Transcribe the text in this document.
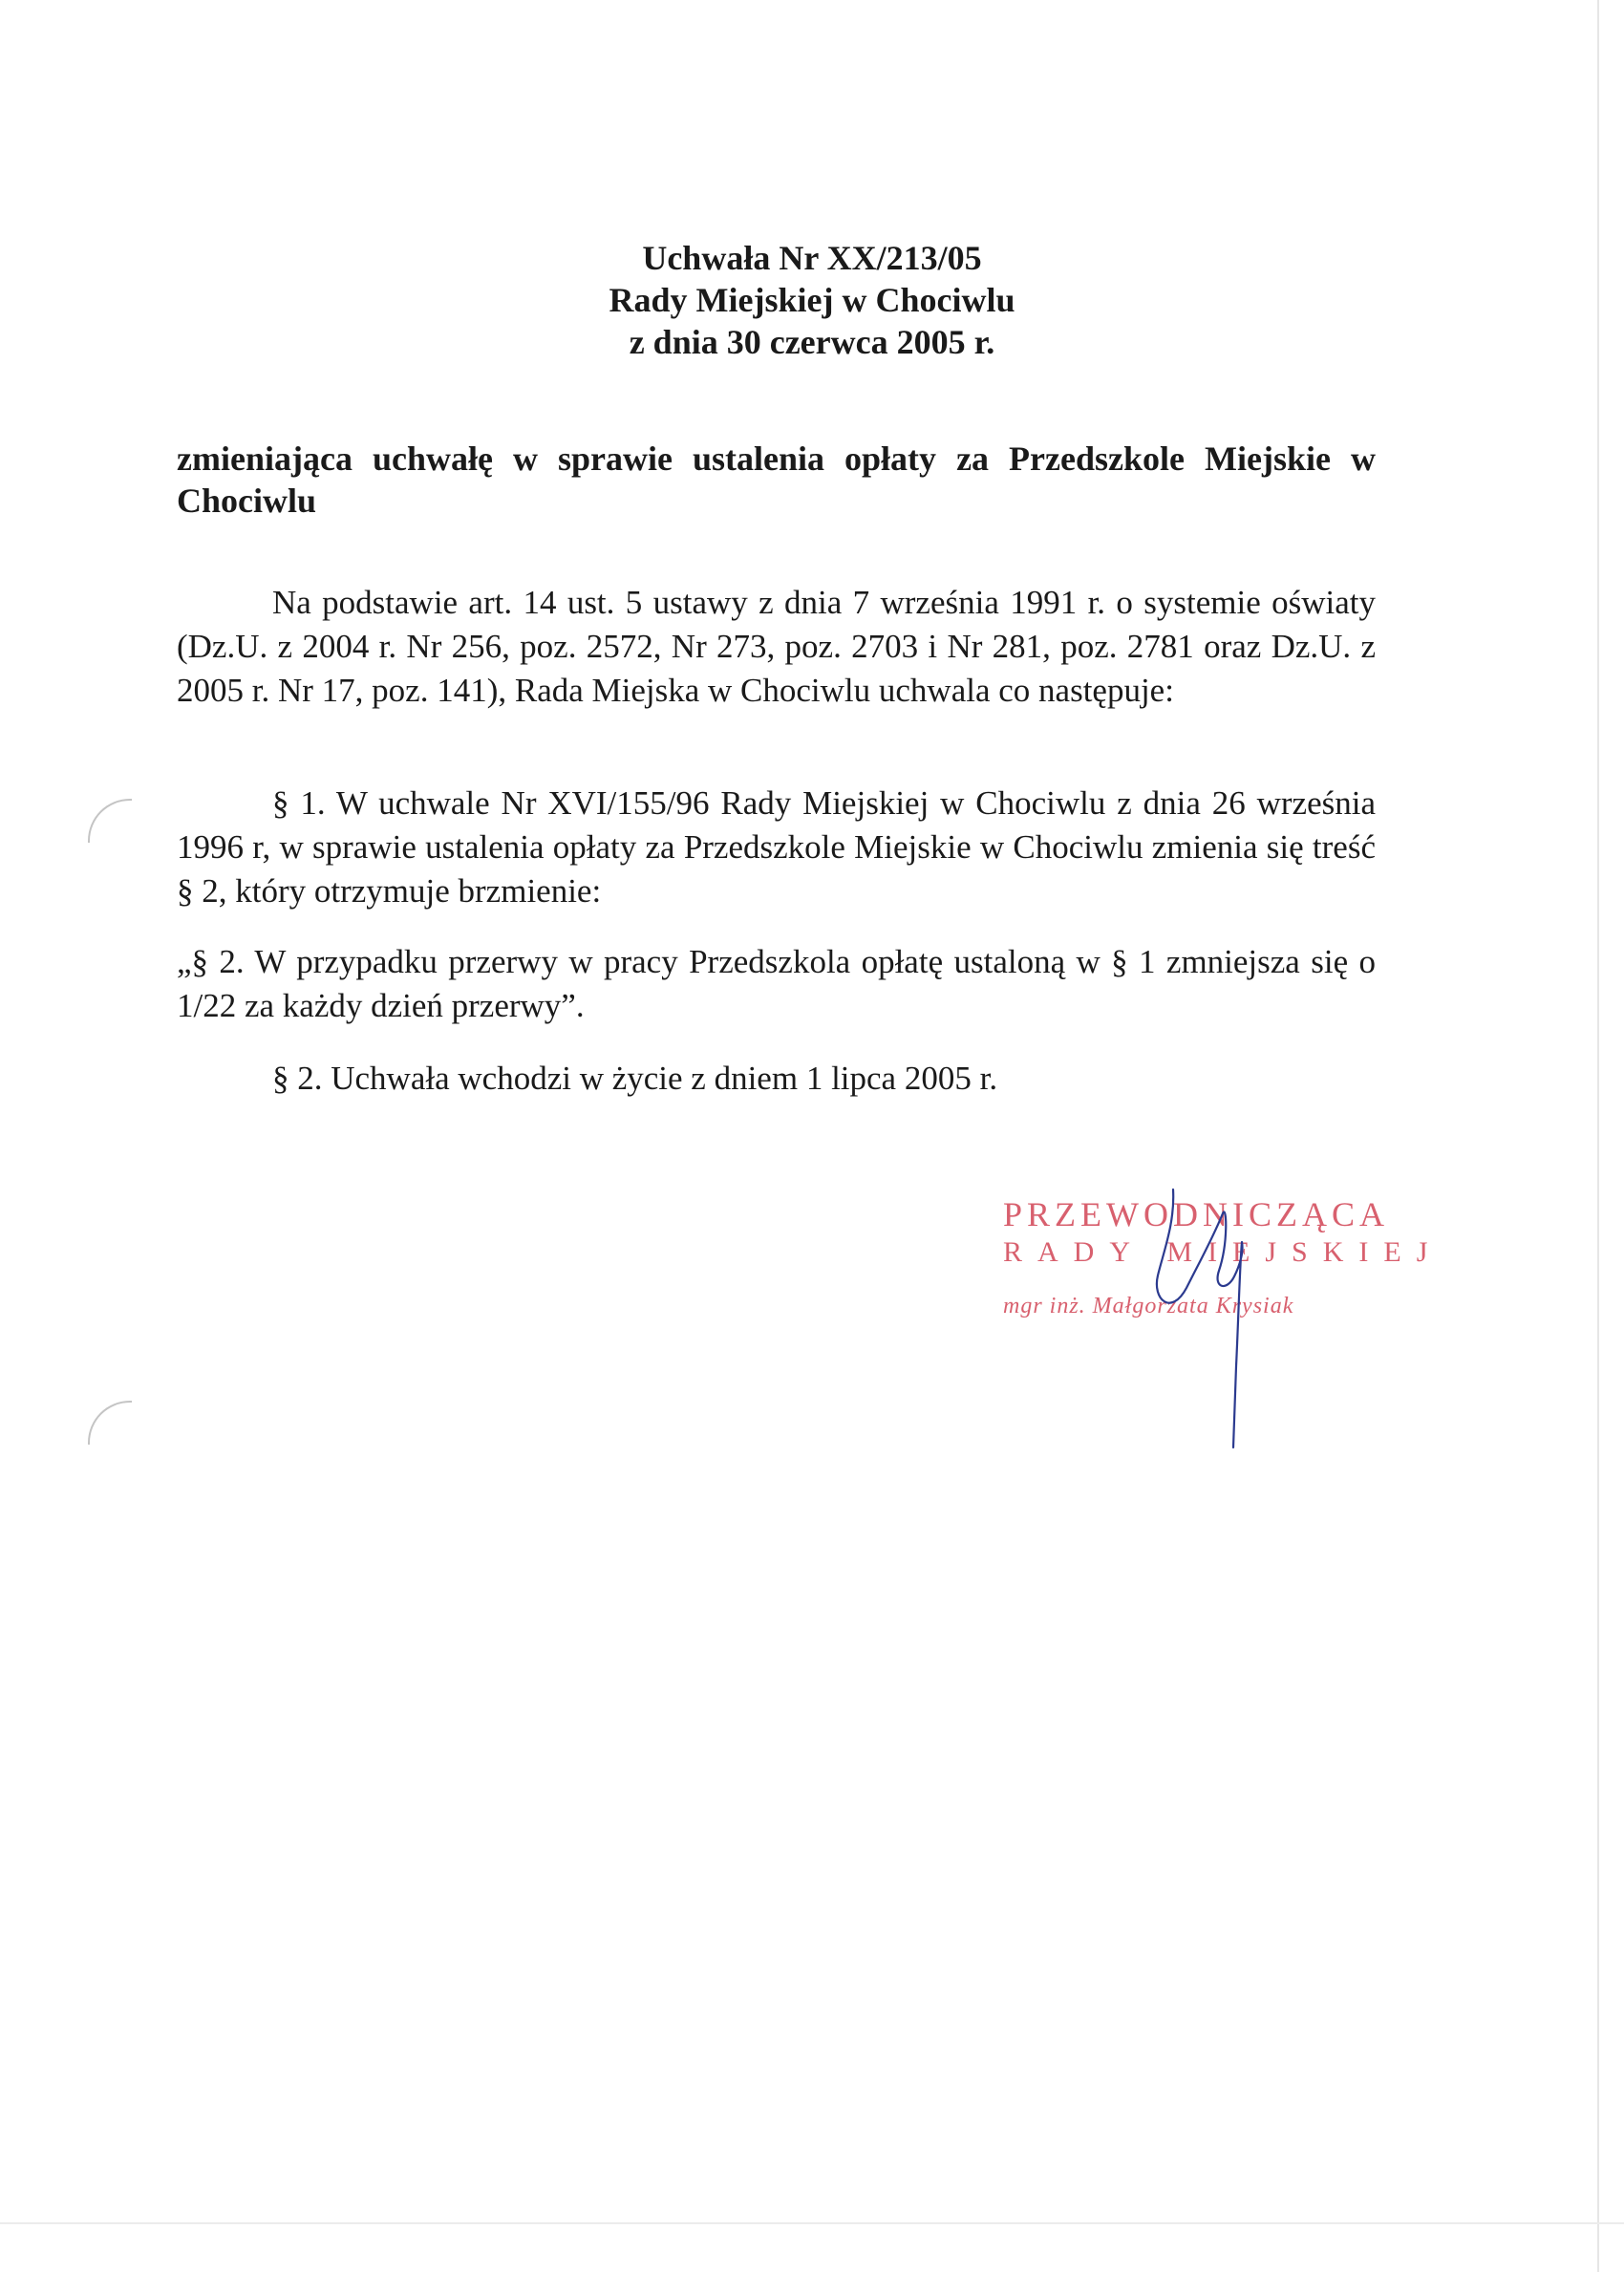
Uchwała Nr XX/213/05
Rady Miejskiej w Chociwlu
z dnia 30 czerwca 2005 r.
zmieniająca uchwałę w sprawie ustalenia opłaty za Przedszkole Miejskie w Chociwlu
Na podstawie art. 14 ust. 5 ustawy z dnia 7 września 1991 r. o systemie oświaty (Dz.U. z 2004 r. Nr 256, poz. 2572, Nr 273, poz. 2703 i Nr 281, poz. 2781 oraz Dz.U. z 2005 r. Nr 17, poz. 141), Rada Miejska w Chociwlu uchwala co następuje:
§ 1. W uchwale Nr XVI/155/96 Rady Miejskiej w Chociwlu z dnia 26 września 1996 r, w sprawie ustalenia opłaty za Przedszkole Miejskie w Chociwlu zmienia się treść § 2, który otrzymuje brzmienie:
„§ 2. W przypadku przerwy w pracy Przedszkola opłatę ustaloną w § 1 zmniejsza się o 1/22 za każdy dzień przerwy”.
§ 2. Uchwała wchodzi w życie z dniem 1 lipca 2005 r.
PRZEWODNICZĄCA
RADY MIEJSKIEJ
mgr inż. Małgorzata Krysiak
